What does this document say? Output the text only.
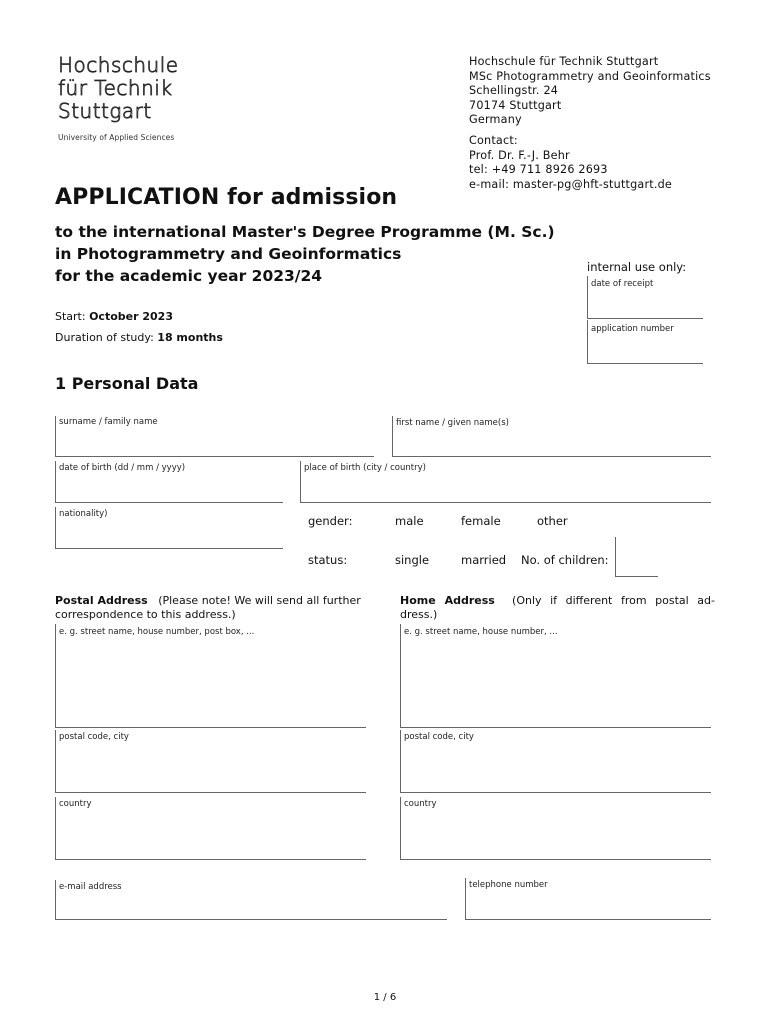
Hochschule
für Technik
Stuttgart
University of Applied Sciences
Hochschule für Technik Stuttgart
MSc Photogrammetry and Geoinformatics
Schellingstr. 24
70174 Stuttgart
Germany
Contact:
Prof. Dr. F.-J. Behr
tel: +49 711 8926 2693
e-mail: master-pg@hft-stuttgart.de
APPLICATION for admission
to the international Master's Degree Programme (M. Sc.)
in Photogrammetry and Geoinformatics
for the academic year 2023/24	internal use only:
date of receipt
application number
Start: October 2023
Duration of study: 18 months
1 Personal Data
surname / family name	first name / given name(s)
date of birth (dd / mm / yyyy)	place of birth (city / country)
nationality)	gender:	male	female	other
status:	single	married No. of children:
Postal Address (Please note! We will send all further
correspondence to this address.)
Home Address (Only if different from postal ad-
dress.)
e. g. street name, house number, post box, ...	e. g. street name, house number, ...
postal code, city	postal code, city
country	country
e-mail address	telephone number
1 / 6
